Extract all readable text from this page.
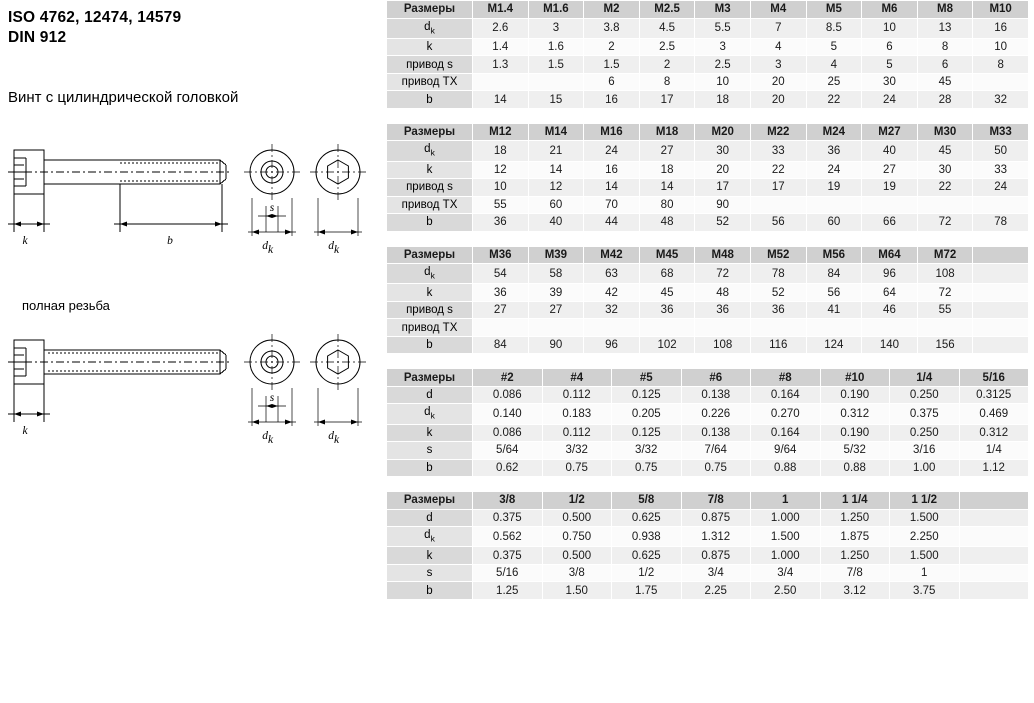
ISO 4762, 12474, 14579
DIN 912
Винт с цилиндрической головкой
полная резьба
k	b
s
d k	d k
k
s
d k	d k
Размеры	M1.4	M1.6	M2	M2.5	M3	M4	M5	M6	M8	M10
$d_k$	2.6	3	3.8	4.5	5.5	7	8.5	10	13	16
k	1.4	1.6	2	2.5	3	4	5	6	8	10
привод s	1.3	1.5	1.5	2	2.5	3	4	5	6	8
привод TX			6	8	10	20	25	30	45	
b	14	15	16	17	18	20	22	24	28	32
Размеры	M12	M14	M16	M18	M20	M22	M24	M27	M30	M33
$d_k$	18	21	24	27	30	33	36	40	45	50
k	12	14	16	18	20	22	24	27	30	33
привод s	10	12	14	14	17	17	19	19	22	24
привод TX	55	60	70	80	90					
b	36	40	44	48	52	56	60	66	72	78
Размеры	M36	M39	M42	M45	M48	M52	M56	M64	M72	
$d_k$	54	58	63	68	72	78	84	96	108	
k	36	39	42	45	48	52	56	64	72	
привод s	27	27	32	36	36	36	41	46	55	
привод TX										
b	84	90	96	102	108	116	124	140	156	
Размеры	#2	#4	#5	#6	#8	#10	1/4	5/16
d	0.086	0.112	0.125	0.138	0.164	0.190	0.250	0.3125
$d_k$	0.140	0.183	0.205	0.226	0.270	0.312	0.375	0.469
k	0.086	0.112	0.125	0.138	0.164	0.190	0.250	0.312
s	5/64	3/32	3/32	7/64	9/64	5/32	3/16	1/4
b	0.62	0.75	0.75	0.75	0.88	0.88	1.00	1.12
Размеры	3/8	1/2	5/8	7/8	1	1 1/4	1 1/2	
d	0.375	0.500	0.625	0.875	1.000	1.250	1.500	
$d_k$	0.562	0.750	0.938	1.312	1.500	1.875	2.250	
k	0.375	0.500	0.625	0.875	1.000	1.250	1.500	
s	5/16	3/8	1/2	3/4	3/4	7/8	1	
b	1.25	1.50	1.75	2.25	2.50	3.12	3.75	
